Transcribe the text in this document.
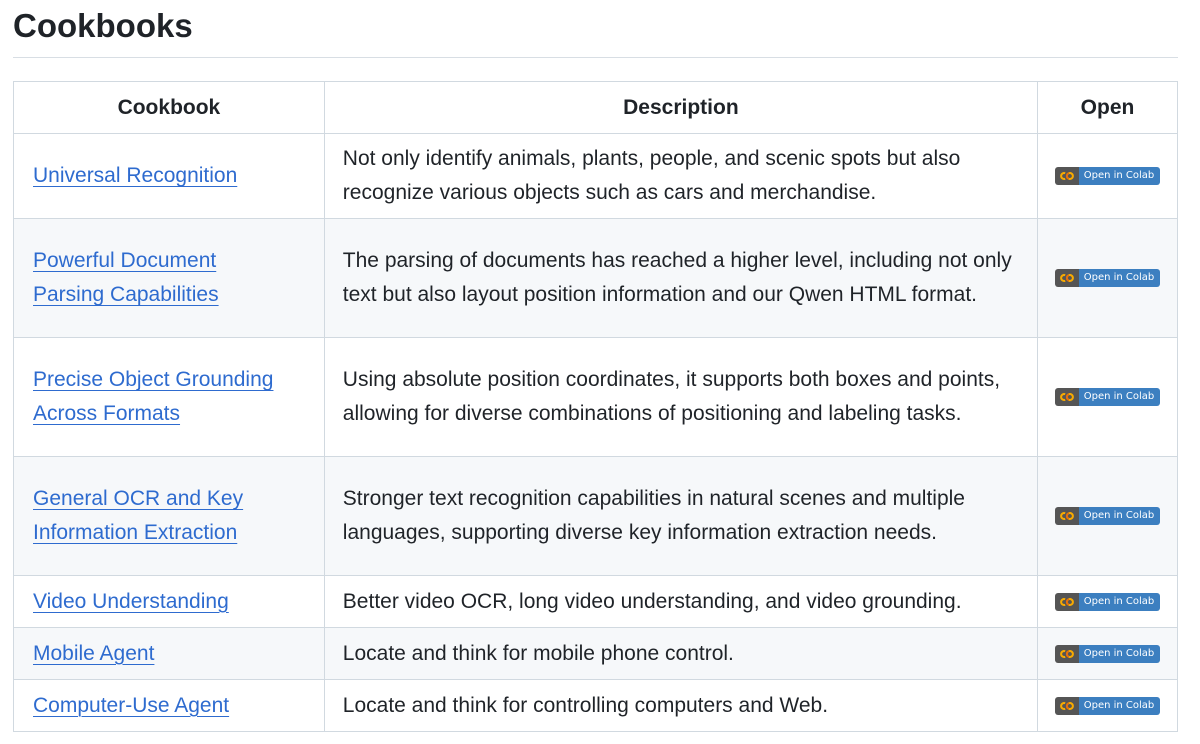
Cookbooks
Cookbook	Description	Open
Universal Recognition	Not only identify animals, plants, people, and scenic spots but also recognize various objects such as cars and merchandise.	Open in Colab

Powerful Document
Parsing Capabilities	The parsing of documents has reached a higher level, including not only text but also layout position information and our Qwen HTML format.	Open in Colab

Precise Object Grounding
Across Formats	Using absolute position coordinates, it supports both boxes and points, allowing for diverse combinations of positioning and labeling tasks.	Open in Colab

General OCR and Key
Information Extraction	Stronger text recognition capabilities in natural scenes and multiple languages, supporting diverse key information extraction needs.	Open in Colab

Video Understanding	Better video OCR, long video understanding, and video grounding.	Open in Colab

Mobile Agent	Locate and think for mobile phone control.	Open in Colab

Computer-Use Agent	Locate and think for controlling computers and Web.	Open in Colab
